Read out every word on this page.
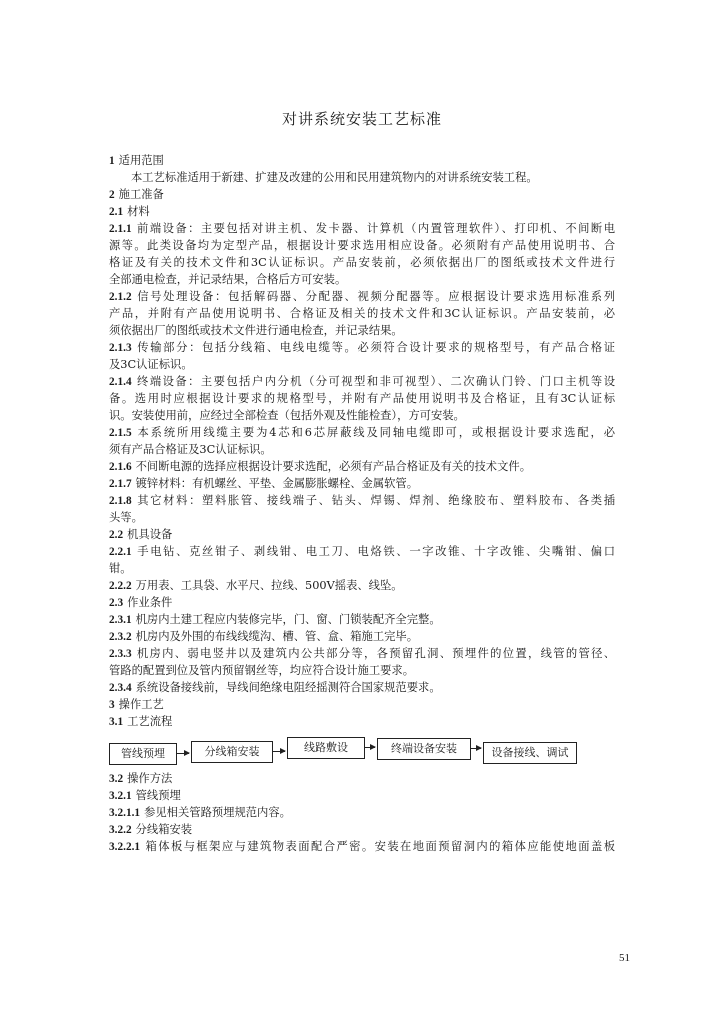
对讲系统安装工艺标准
1 适用范围
本工艺标准适用于新建、扩建及改建的公用和民用建筑物内的对讲系统安装工程。
2 施工准备
2.1 材料
2.1.1 前端设备：主要包括对讲主机、发卡器、计算机（内置管理软件）、打印机、不间断电
源等。此类设备均为定型产品，根据设计要求选用相应设备。必须附有产品使用说明书、合
格证及有关的技术文件和3C认证标识。产品安装前，必须依据出厂的图纸或技术文件进行
全部通电检查，并记录结果，合格后方可安装。
2.1.2 信号处理设备：包括解码器、分配器、视频分配器等。应根据设计要求选用标准系列
产品，并附有产品使用说明书、合格证及相关的技术文件和3C认证标识。产品安装前，必
须依据出厂的图纸或技术文件进行通电检查，并记录结果。
2.1.3 传输部分：包括分线箱、电线电缆等。必须符合设计要求的规格型号，有产品合格证
及3C认证标识。
2.1.4 终端设备：主要包括户内分机（分可视型和非可视型）、二次确认门铃、门口主机等设
备。选用时应根据设计要求的规格型号，并附有产品使用说明书及合格证，且有3C认证标
识。安装使用前，应经过全部检查（包括外观及性能检查），方可安装。
2.1.5 本系统所用线缆主要为4芯和6芯屏蔽线及同轴电缆即可，或根据设计要求选配，必
须有产品合格证及3C认证标识。
2.1.6 不间断电源的选择应根据设计要求选配，必须有产品合格证及有关的技术文件。
2.1.7 镀锌材料：有机螺丝、平垫、金属膨胀螺栓、金属软管。
2.1.8 其它材料：塑料胀管、接线端子、钻头、焊锡、焊剂、绝缘胶布、塑料胶布、各类插
头等。
2.2 机具设备
2.2.1 手电钻、克丝钳子、剥线钳、电工刀、电烙铁、一字改锥、十字改锥、尖嘴钳、偏口
钳。
2.2.2 万用表、工具袋、水平尺、拉线、500V摇表、线坠。
2.3 作业条件
2.3.1 机房内土建工程应内装修完毕，门、窗、门锁装配齐全完整。
2.3.2 机房内及外围的布线线缆沟、槽、管、盒、箱施工完毕。
2.3.3 机房内、弱电竖井以及建筑内公共部分等，各预留孔洞、预埋件的位置，线管的管径、
管路的配置到位及管内预留钢丝等，均应符合设计施工要求。
2.3.4 系统设备接线前，导线间绝缘电阻经摇测符合国家规范要求。
3 操作工艺
3.1 工艺流程
管线预埋	分线箱安装	线路敷设	终端设备安装	设备接线、调试
3.2 操作方法
3.2.1 管线预埋
3.2.1.1 参见相关管路预埋规范内容。
3.2.2 分线箱安装
3.2.2.1 箱体板与框架应与建筑物表面配合严密。安装在地面预留洞内的箱体应能使地面盖板
51
